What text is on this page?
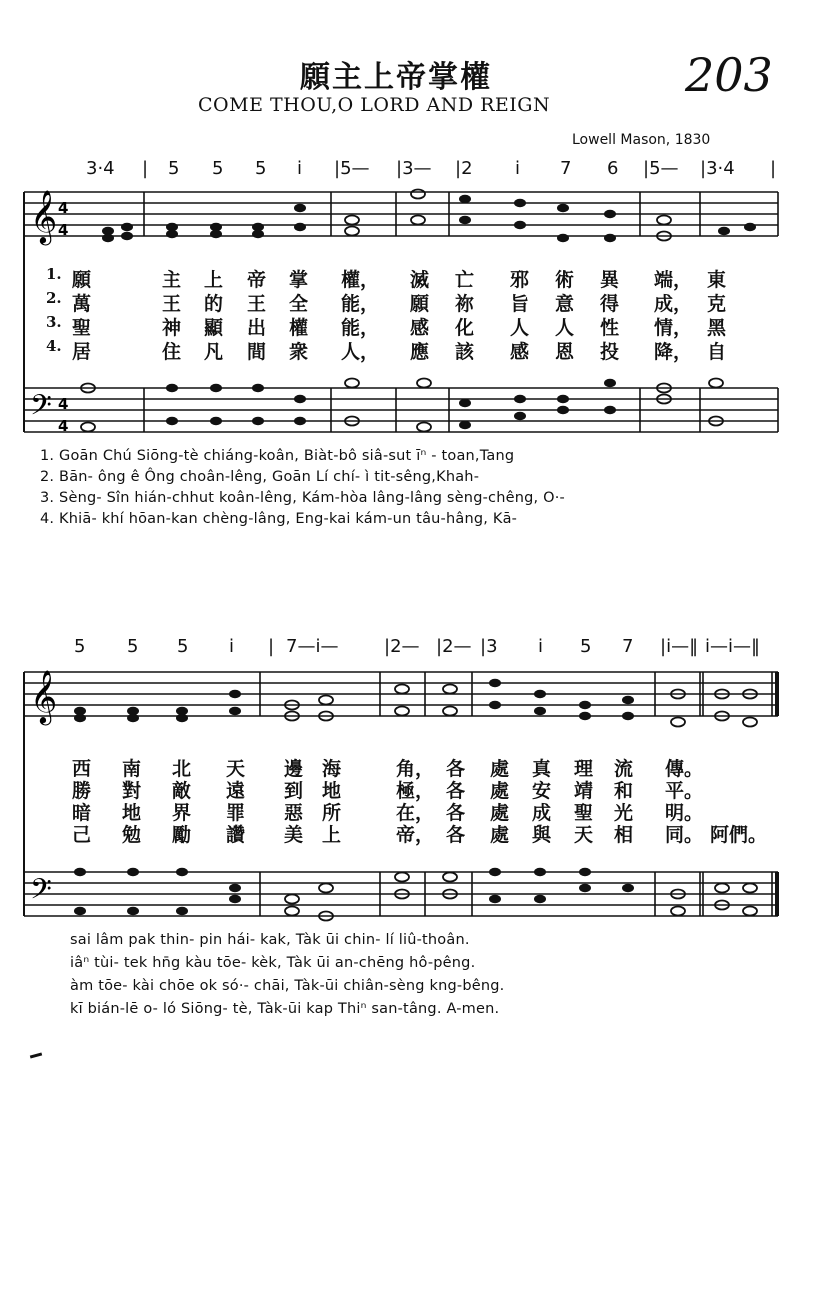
願主上帝掌權
COME THOU,O LORD AND REIGN
203
Lowell Mason, 1830
3·4 | 5 5 5 i |5— |3— |2 i 7 6 |5— |3·4 |
5 5 5 i | 7—i—	|2— |2— |3 i 5 7 |i—‖ i—i—‖
𝄞
𝄢
4
4
4
4
𝄞
𝄢
1. 願	主 上 帝 掌 權， 滅 亡 邪 術 異 端， 東
2. 萬	王 的 王 全 能， 願 祢 旨 意 得 成， 克
3. 聖	神 顯 出 權 能， 感 化 人 人 性 情， 黑
4. 居	住 凡 間 衆 人， 應 該 感 恩 投 降， 自
1. Goān Chú Siōng-tè chiáng-koân, Biàt-bô siâ-sut īⁿ - toan,Tang
2. Bān- ông ê Ông choân-lêng, Goān Lí chí- ì tit-sêng,Khah-
3. Sèng- Sîn hián-chhut koân-lêng, Kám-hòa lâng-lâng sèng-chêng, O·-
4. Khiā- khí hōan-kan chèng-lâng, Eng-kai kám-un tâu-hâng, Kā-
西 南 北 天 邊 海	角， 各 處 真 理 流 傳。
勝 對 敵 遠 到 地	極， 各 處 安 靖 和 平。
暗 地 界 罪 惡 所	在， 各 處 成 聖 光 明。
己 勉 勵 讚 美 上	帝， 各 處 與 天 相 同。 阿們。
sai lâm pak thin- pin hái- kak, Tàk ūi chin- lí liû-thoân.
iâⁿ tùi- tek hn̄g kàu tōe- kèk, Tàk ūi an-chēng hô-pêng.
àm tōe- kài chōe ok só·- chāi, Tàk-ūi chiân-sèng kng-bêng.
kī bián-lē o- ló Siōng- tè, Tàk-ūi kap Thiⁿ san-tâng. A-men.
